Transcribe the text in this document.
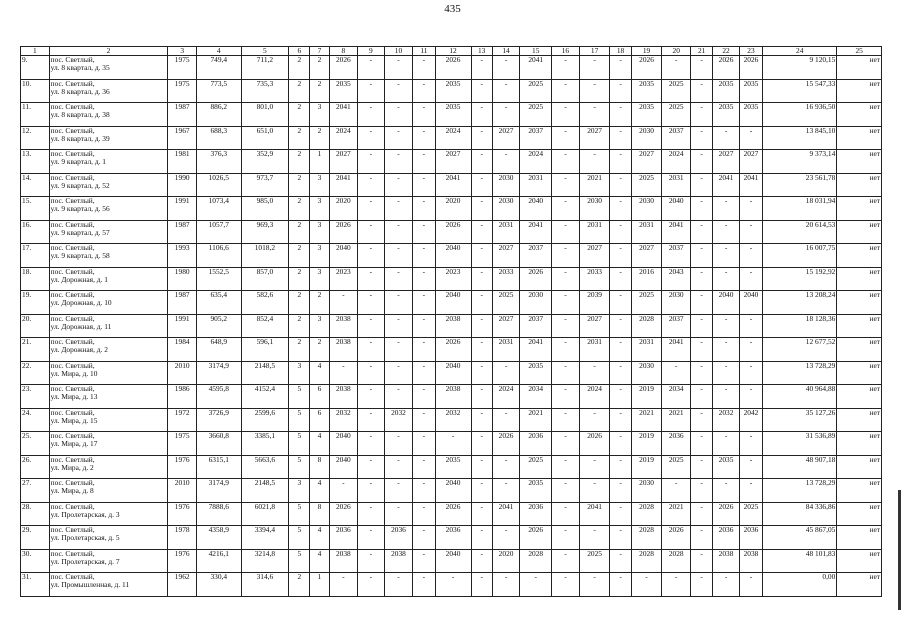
435
1	2	3	4	5	6	7	8	9	10	11	12	13	14	15	16	17	18	19	20	21	22	23	24	25
9.	пос. Светлый,
ул. 8 квартал, д. 35	1975	749,4	711,2	2	2	2026	-	-	-	2026	-	-	2041	-	-	-	2026	-	-	2026	2026	9 120,15	нет
10.	пос. Светлый,
ул. 8 квартал, д. 36	1975	773,5	735,3	2	2	2035	-	-	-	2035	-	-	2025	-	-	-	2035	2025	-	2035	2035	15 547,33	нет
11.	пос. Светлый,
ул. 8 квартал, д. 38	1987	886,2	801,0	2	3	2041	-	-	-	2035	-	-	2025	-	-	-	2035	2025	-	2035	2035	16 936,50	нет
12.	пос. Светлый,
ул. 8 квартал, д. 39	1967	688,3	651,0	2	2	2024	-	-	-	2024	-	2027	2037	-	2027	-	2030	2037	-	-	-	13 845,10	нет
13.	пос. Светлый,
ул. 9 квартал, д. 1	1981	376,3	352,9	2	1	2027	-	-	-	2027	-	-	2024	-	-	-	2027	2024	-	2027	2027	9 373,14	нет
14.	пос. Светлый,
ул. 9 квартал, д. 52	1990	1026,5	973,7	2	3	2041	-	-	-	2041	-	2030	2031	-	2021	-	2025	2031	-	2041	2041	23 561,78	нет
15.	пос. Светлый,
ул. 9 квартал, д. 56	1991	1073,4	985,0	2	3	2020	-	-	-	2020	-	2030	2040	-	2030	-	2030	2040	-	-	-	18 031,94	нет
16.	пос. Светлый,
ул. 9 квартал, д. 57	1987	1057,7	969,3	2	3	2026	-	-	-	2026	-	2031	2041	-	2031	-	2031	2041	-	-	-	20 614,53	нет
17.	пос. Светлый,
ул. 9 квартал, д. 58	1993	1106,6	1018,2	2	3	2040	-	-	-	2040	-	2027	2037	-	2027	-	2027	2037	-	-	-	16 007,75	нет
18.	пос. Светлый,
ул. Дорожная, д. 1	1980	1552,5	857,0	2	3	2023	-	-	-	2023	-	2033	2026	-	2033	-	2016	2043	-	-	-	15 192,92	нет
19.	пос. Светлый,
ул. Дорожная, д. 10	1987	635,4	582,6	2	2	-	-	-	-	2040	-	2025	2030	-	2039	-	2025	2030	-	2040	2040	13 208,24	нет
20.	пос. Светлый,
ул. Дорожная, д. 11	1991	905,2	852,4	2	3	2038	-	-	-	2038	-	2027	2037	-	2027	-	2028	2037	-	-	-	18 128,36	нет
21.	пос. Светлый,
ул. Дорожная, д. 2	1984	648,9	596,1	2	2	2038	-	-	-	2026	-	2031	2041	-	2031	-	2031	2041	-	-	-	12 677,52	нет
22.	пос. Светлый,
ул. Мира, д. 10	2010	3174,9	2148,5	3	4	-	-	-	-	2040	-	-	2035	-	-	-	2030	-	-	-	-	13 728,29	нет
23.	пос. Светлый,
ул. Мира, д. 13	1986	4595,8	4152,4	5	6	2038	-	-	-	2038	-	2024	2034	-	2024	-	2019	2034	-	-	-	40 964,88	нет
24.	пос. Светлый,
ул. Мира, д. 15	1972	3726,9	2599,6	5	6	2032	-	2032	-	2032	-	-	2021	-	-	-	2021	2021	-	2032	2042	35 127,26	нет
25.	пос. Светлый,
ул. Мира, д. 17	1975	3660,8	3385,1	5	4	2040	-	-	-	-	-	2026	2036	-	2026	-	2019	2036	-	-	-	31 536,89	нет
26.	пос. Светлый,
ул. Мира, д. 2	1976	6315,1	5663,6	5	8	2040	-	-	-	2035	-	-	2025	-	-	-	2019	2025	-	2035	-	48 907,18	нет
27.	пос. Светлый,
ул. Мира, д. 8	2010	3174,9	2148,5	3	4	-	-	-	-	2040	-	-	2035	-	-	-	2030	-	-	-	-	13 728,29	нет
28.	пос. Светлый,
ул. Пролетарская, д. 3	1976	7888,6	6021,8	5	8	2026	-	-	-	2026	-	2041	2036	-	2041	-	2028	2021	-	2026	2025	84 336,86	нет
29.	пос. Светлый,
ул. Пролетарская, д. 5	1978	4358,9	3394,4	5	4	2036	-	2036	-	2036	-	-	2026	-	-	-	2028	2026	-	2036	2036	45 867,05	нет
30.	пос. Светлый,
ул. Пролетарская, д. 7	1976	4216,1	3214,8	5	4	2038	-	2038	-	2040	-	2020	2028	-	2025	-	2028	2028	-	2038	2038	48 101,83	нет
31.	пос. Светлый,
ул. Промышленная, д. 11	1962	330,4	314,6	2	1	-	-	-	-	-	-	-	-	-	-	-	-	-	-	-	-	0,00	нет
